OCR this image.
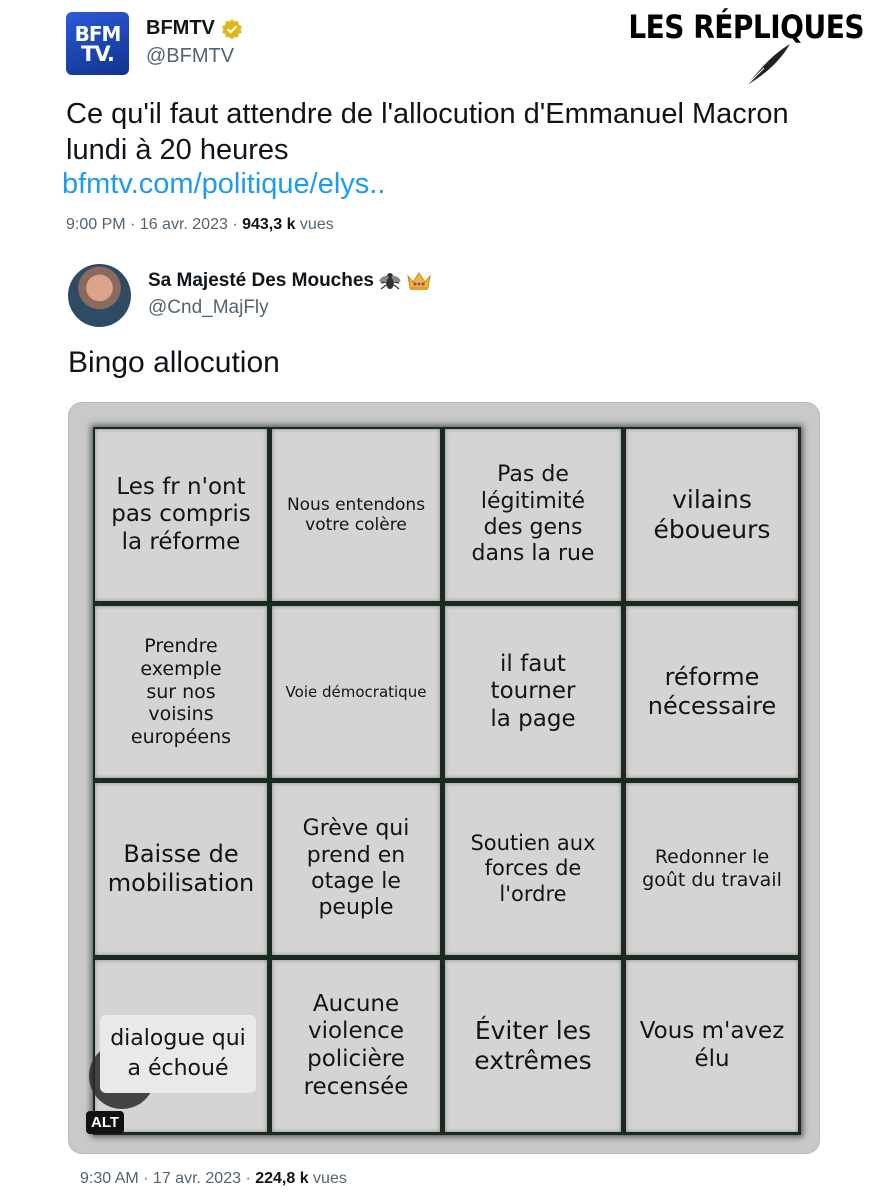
LES RÉPLIQUES
BFM
TV.
BFMTV
@BFMTV
Ce qu'il faut attendre de l'allocution d'Emmanuel Macron lundi à 20 heures
bfmtv.com/politique/elys..
9:00 PM · 16 avr. 2023 · 943,3 k vues
Sa Majesté Des Mouches
@Cnd_MajFly
Bingo allocution
Les fr n'ont
pas compris
la réforme
Nous entendons
votre colère
Pas de
légitimité
des gens
dans la rue
vilains
éboueurs
Prendre
exemple
sur nos
voisins
européens
Voie démocratique
il faut
tourner
la page
réforme
nécessaire
Baisse de
mobilisation
Grève qui
prend en
otage le
peuple
Soutien aux
forces de
l'ordre
Redonner le
goût du travail
Aucune
violence
policière
recensée
Éviter les
extrêmes
Vous m'avez
élu
dialogue qui
a échoué
ALT
9:30 AM · 17 avr. 2023 · 224,8 k vues
